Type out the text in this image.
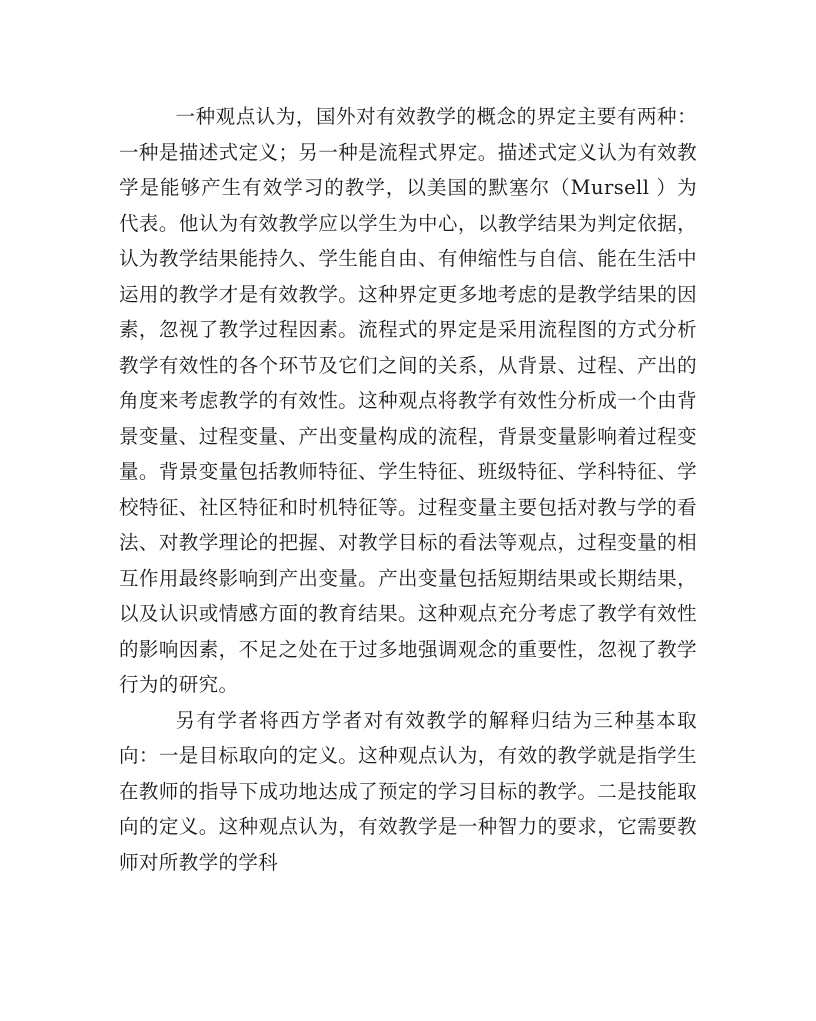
一种观点认为，国外对有效教学的概念的界定主要有两种：一种是描述式定义；另一种是流程式界定。描述式定义认为有效教学是能够产生有效学习的教学，以美国的默塞尔（Mursell ）为代表。他认为有效教学应以学生为中心，以教学结果为判定依据，认为教学结果能持久、学生能自由、有伸缩性与自信、能在生活中运用的教学才是有效教学。这种界定更多地考虑的是教学结果的因素，忽视了教学过程因素。流程式的界定是采用流程图的方式分析教学有效性的各个环节及它们之间的关系，从背景、过程、产出的角度来考虑教学的有效性。这种观点将教学有效性分析成一个由背景变量、过程变量、产出变量构成的流程，背景变量影响着过程变量。背景变量包括教师特征、学生特征、班级特征、学科特征、学校特征、社区特征和时机特征等。过程变量主要包括对教与学的看法、对教学理论的把握、对教学目标的看法等观点，过程变量的相互作用最终影响到产出变量。产出变量包括短期结果或长期结果，以及认识或情感方面的教育结果。这种观点充分考虑了教学有效性的影响因素，不足之处在于过多地强调观念的重要性，忽视了教学行为的研究。

另有学者将西方学者对有效教学的解释归结为三种基本取向：一是目标取向的定义。这种观点认为，有效的教学就是指学生在教师的指导下成功地达成了预定的学习目标的教学。二是技能取向的定义。这种观点认为，有效教学是一种智力的要求，它需要教师对所教学的学科
